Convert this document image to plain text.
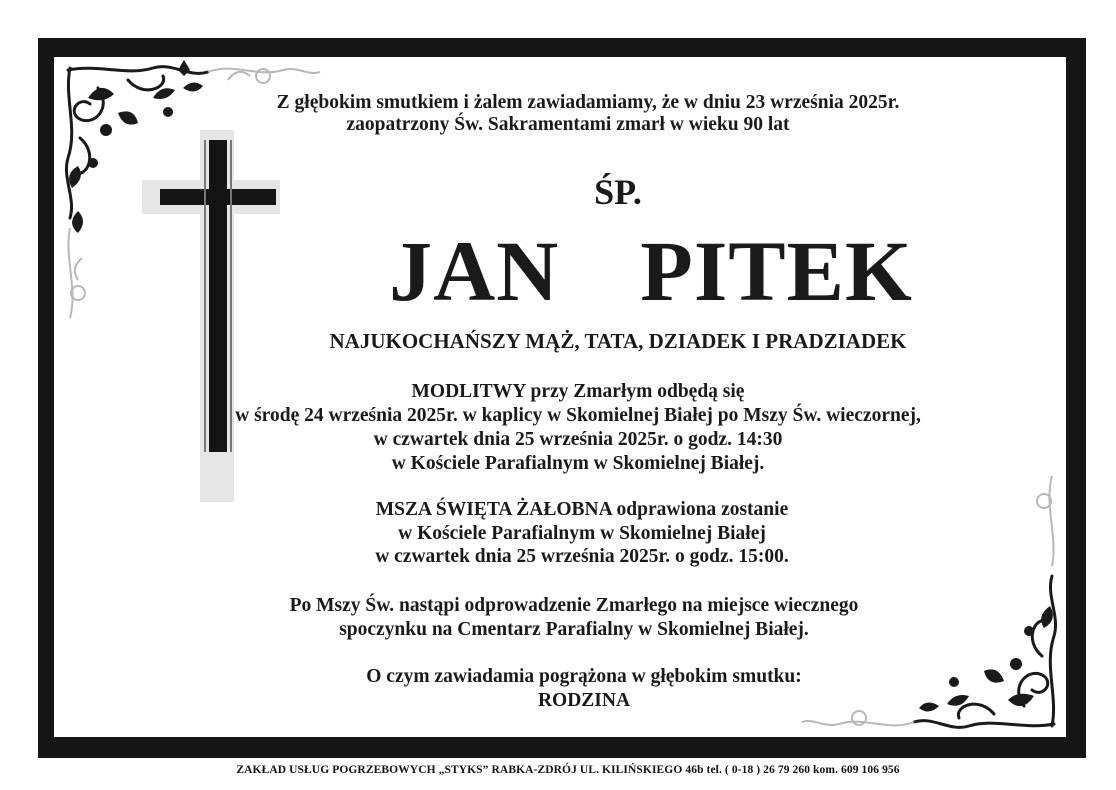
Z głębokim smutkiem i żalem zawiadamiamy, że w dniu 23 września 2025r.
zaopatrzony Św. Sakramentami zmarł w wieku 90 lat
ŚP.
JAN  PITEK
NAJUKOCHAŃSZY MĄŻ, TATA, DZIADEK I PRADZIADEK
MODLITWY przy Zmarłym odbędą się
w środę 24 września 2025r. w kaplicy w Skomielnej Białej po Mszy Św. wieczornej,
w czwartek dnia 25 września 2025r. o godz. 14:30
w Kościele Parafialnym w Skomielnej Białej.
MSZA ŚWIĘTA ŻAŁOBNA odprawiona zostanie
w Kościele Parafialnym w Skomielnej Białej
w czwartek dnia 25 września 2025r. o godz. 15:00.
Po Mszy Św. nastąpi odprowadzenie Zmarłego na miejsce wiecznego
spoczynku na Cmentarz Parafialny w Skomielnej Białej.
O czym zawiadamia pogrążona w głębokim smutku:
RODZINA
ZAKŁAD USŁUG POGRZEBOWYCH „STYKS” RABKA-ZDRÓJ UL. KILIŃSKIEGO 46b tel. ( 0-18 ) 26 79 260 kom. 609 106 956
